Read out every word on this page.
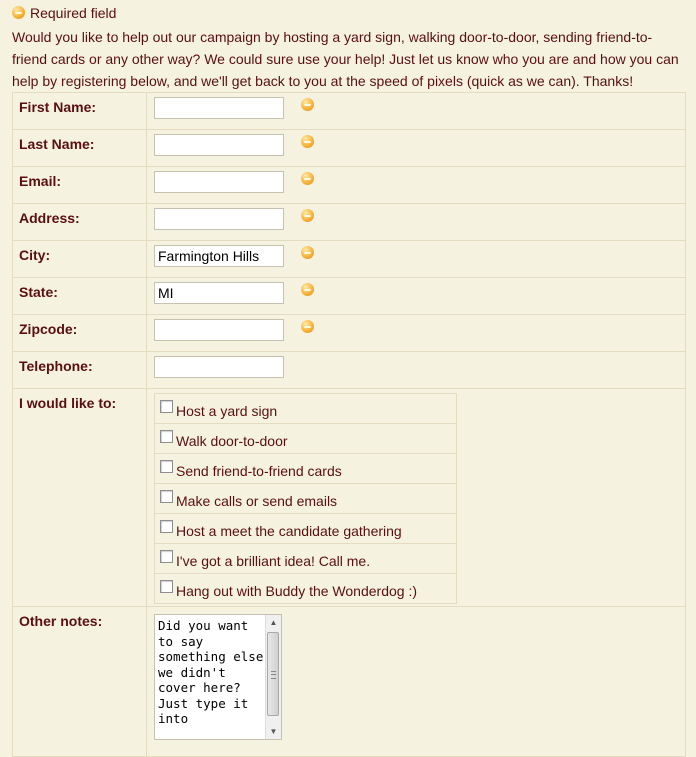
Required field
Would you like to help out our campaign by hosting a yard sign, walking door-to-door, sending friend-to-friend cards or any other way? We could sure use your help! Just let us know who you are and how you can help by registering below, and we'll get back to you at the speed of pixels (quick as we can). Thanks!
First Name:	
Last Name:	
Email:	
Address:	
City:	Farmington Hills
State:	MI
Zipcode:	
Telephone:	
I would like to:		Host a yard sign
Walk door-to-door
Send friend-to-friend cards
Make calls or send emails
Host a meet the candidate gathering
I've got a brilliant idea! Call me.
Hang out with Buddy the Wonderdog :)

Other notes:	Did you want to say something else we didn't cover here? Just type it into
▲
▼
